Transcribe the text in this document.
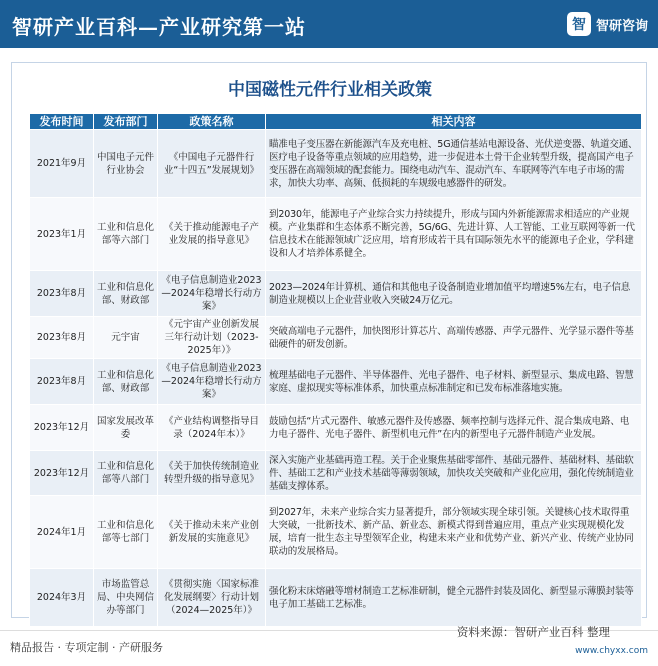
智研产业百科—产业研究第一站	智 智研咨询
中国磁性元件行业相关政策
发布时间	发布部门	政策名称	相关内容
2021年9月	中国电子元件行业协会	《中国电子元器件行业“十四五”发展规划》	瞄准电子变压器在新能源汽车及充电桩、5G通信基站电源设备、光伏逆变器、轨道交通、医疗电子设备等重点领域的应用趋势，进一步促进本土骨干企业转型升级，提高国产电子变压器在高端领域的配套能力。围绕电动汽车、混动汽车、车联网等汽车电子市场的需求，加快大功率、高频、低损耗的车规级电感器件的研发。
2023年1月	工业和信息化部等六部门	《关于推动能源电子产业发展的指导意见》	到2030年，能源电子产业综合实力持续提升，形成与国内外新能源需求相适应的产业规模。产业集群和生态体系不断完善，5G/6G、先进计算、人工智能、工业互联网等新一代信息技术在能源领域广泛应用，培育形成若干具有国际领先水平的能源电子企业，学科建设和人才培养体系健全。
2023年8月	工业和信息化部、财政部	《电子信息制造业2023—2024年稳增长行动方案》	2023—2024年计算机、通信和其他电子设备制造业增加值平均增速5%左右，电子信息制造业规模以上企业营业收入突破24万亿元。
2023年8月	元宇宙	《元宇宙产业创新发展三年行动计划（2023-2025年）》	突破高端电子元器件，加快图形计算芯片、高端传感器、声学元器件、光学显示器件等基础硬件的研发创新。
2023年8月	工业和信息化部、财政部	《电子信息制造业2023—2024年稳增长行动方案》	梳理基础电子元器件、半导体器件、光电子器件、电子材料、新型显示、集成电路、智慧家庭、虚拟现实等标准体系，加快重点标准制定和已发布标准落地实施。
2023年12月	国家发展改革委	《产业结构调整指导目录（2024年本）》	鼓励包括“片式元器件、敏感元器件及传感器、频率控制与选择元件、混合集成电路、电力电子器件、光电子器件、新型机电元件”在内的新型电子元器件制造产业发展。
2023年12月	工业和信息化部等八部门	《关于加快传统制造业转型升级的指导意见》	深入实施产业基础再造工程。关于企业聚焦基础零部件、基础元器件、基础材料、基础软件、基础工艺和产业技术基础等薄弱领域，加快攻关突破和产业化应用，强化传统制造业基础支撑体系。
2024年1月	工业和信息化部等七部门	《关于推动未来产业创新发展的实施意见》	到2027年，未来产业综合实力显著提升，部分领域实现全球引领。关键核心技术取得重大突破，一批新技术、新产品、新业态、新模式得到普遍应用，重点产业实现规模化发展，培育一批生态主导型领军企业，构建未来产业和优势产业、新兴产业、传统产业协同联动的发展格局。
2024年3月	市场监管总局、中央网信办等部门	《贯彻实施〈国家标准化发展纲要〉行动计划（2024—2025年）》	强化粉末床熔融等增材制造工艺标准研制，健全元器件封装及固化、新型显示薄膜封装等电子加工基础工艺标准。
精品报告 · 专项定制 · 产研服务
资料来源：智研产业百科 整理
www.chyxx.com
